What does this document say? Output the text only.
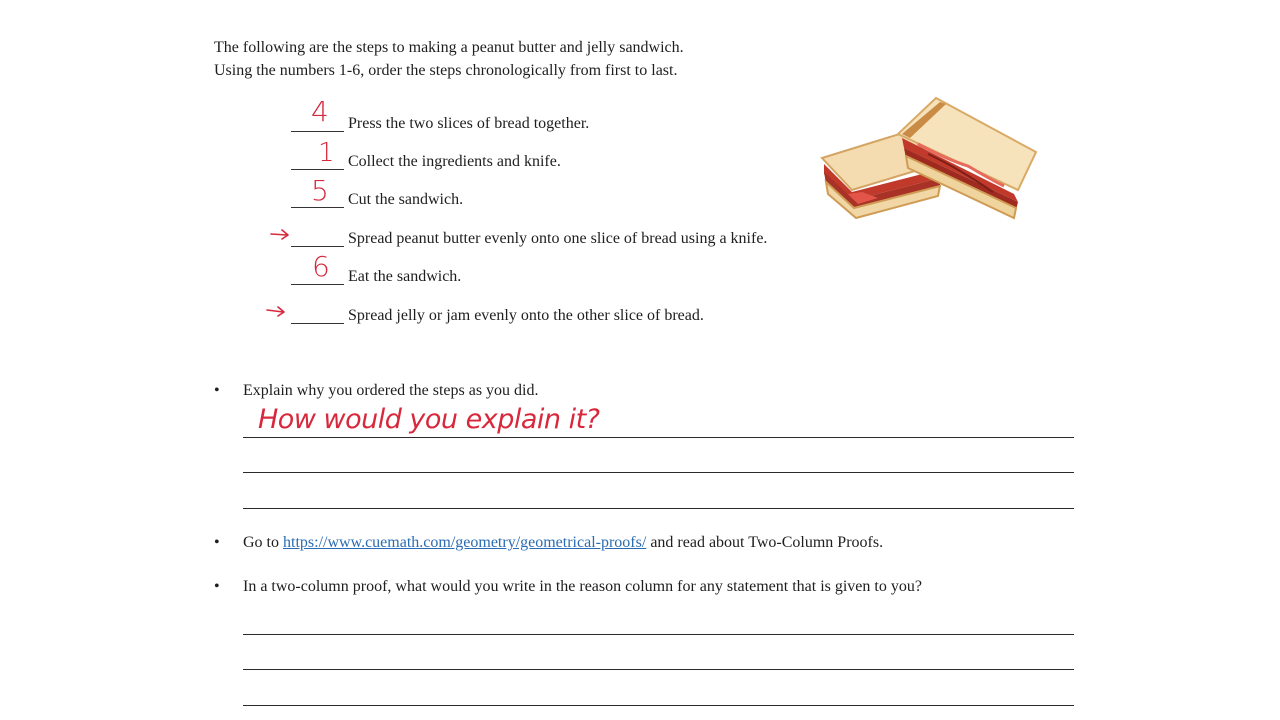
The following are the steps to making a peanut butter and jelly sandwich.
Using the numbers 1-6, order the steps chronologically from first to last.
Press the two slices of bread together.
4
Collect the ingredients and knife.
1
Cut the sandwich.
5
Spread peanut butter evenly onto one slice of bread using a knife.
Eat the sandwich.
6
Spread jelly or jam evenly onto the other slice of bread.
• Explain why you ordered the steps as you did.
How would you explain it?
• Go to https://www.cuemath.com/geometry/geometrical-proofs/ and read about Two-Column Proofs.
• In a two-column proof, what would you write in the reason column for any statement that is given to you?
